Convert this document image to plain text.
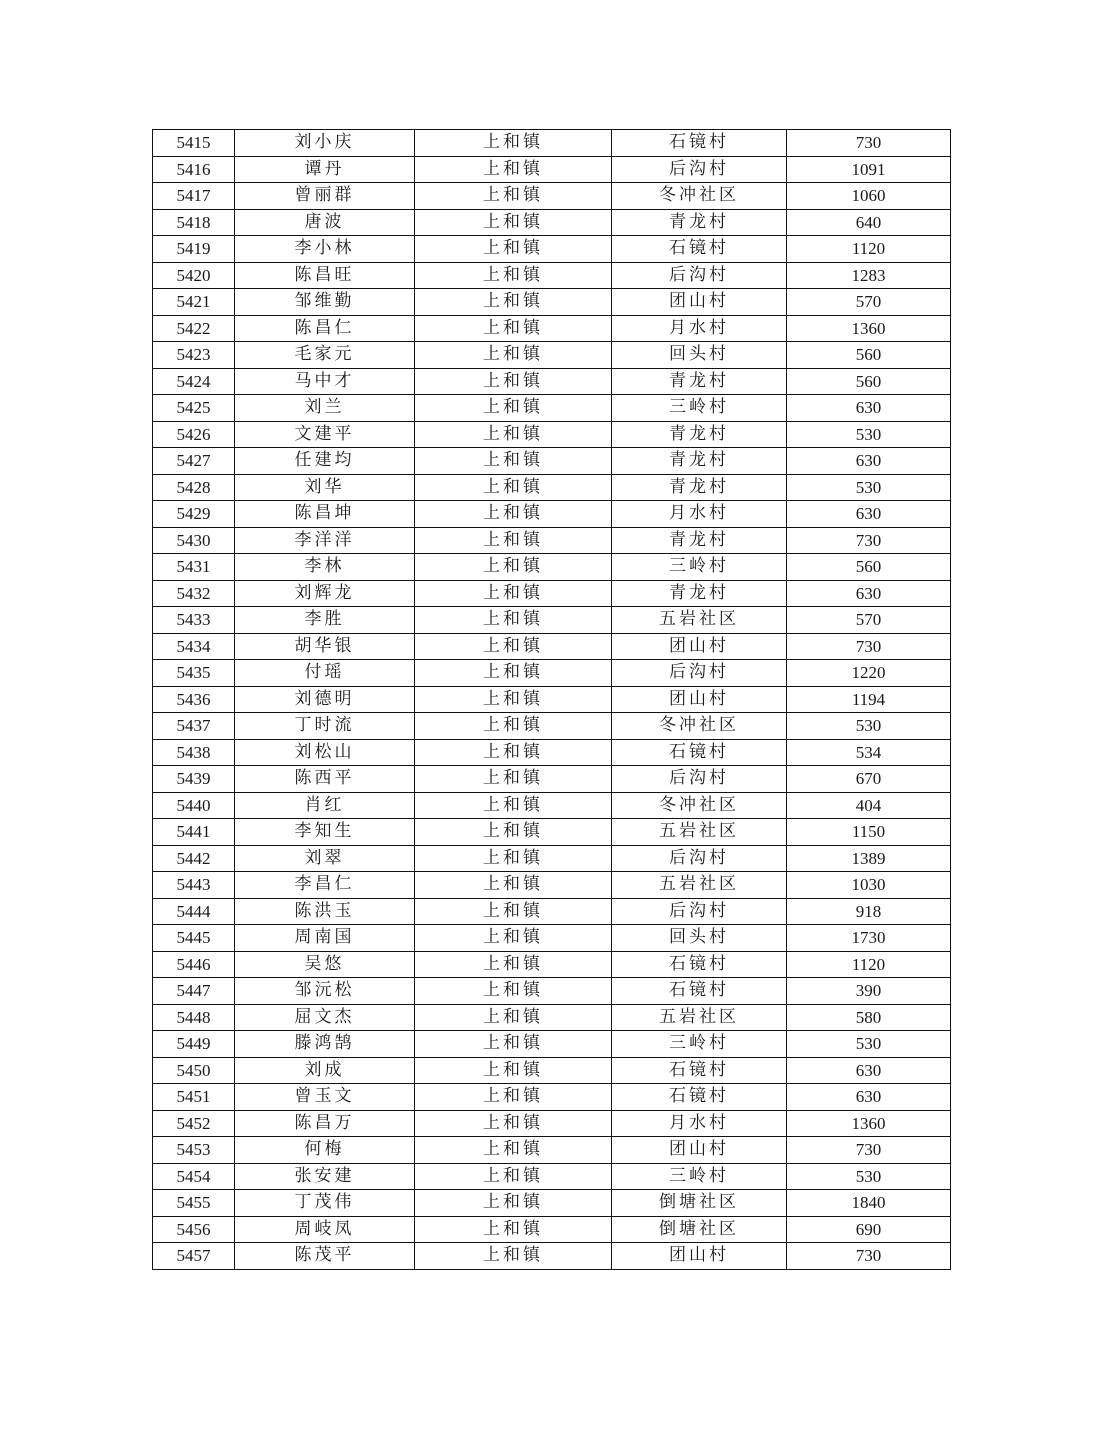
5415	刘小庆	上和镇	石镜村	730
5416	谭丹	上和镇	后沟村	1091
5417	曾丽群	上和镇	冬冲社区	1060
5418	唐波	上和镇	青龙村	640
5419	李小林	上和镇	石镜村	1120
5420	陈昌旺	上和镇	后沟村	1283
5421	邹维勤	上和镇	团山村	570
5422	陈昌仁	上和镇	月水村	1360
5423	毛家元	上和镇	回头村	560
5424	马中才	上和镇	青龙村	560
5425	刘兰	上和镇	三岭村	630
5426	文建平	上和镇	青龙村	530
5427	任建均	上和镇	青龙村	630
5428	刘华	上和镇	青龙村	530
5429	陈昌坤	上和镇	月水村	630
5430	李洋洋	上和镇	青龙村	730
5431	李林	上和镇	三岭村	560
5432	刘辉龙	上和镇	青龙村	630
5433	李胜	上和镇	五岩社区	570
5434	胡华银	上和镇	团山村	730
5435	付瑶	上和镇	后沟村	1220
5436	刘德明	上和镇	团山村	1194
5437	丁时流	上和镇	冬冲社区	530
5438	刘松山	上和镇	石镜村	534
5439	陈西平	上和镇	后沟村	670
5440	肖红	上和镇	冬冲社区	404
5441	李知生	上和镇	五岩社区	1150
5442	刘翠	上和镇	后沟村	1389
5443	李昌仁	上和镇	五岩社区	1030
5444	陈洪玉	上和镇	后沟村	918
5445	周南国	上和镇	回头村	1730
5446	吴悠	上和镇	石镜村	1120
5447	邹沅松	上和镇	石镜村	390
5448	屈文杰	上和镇	五岩社区	580
5449	滕鸿鹄	上和镇	三岭村	530
5450	刘成	上和镇	石镜村	630
5451	曾玉文	上和镇	石镜村	630
5452	陈昌万	上和镇	月水村	1360
5453	何梅	上和镇	团山村	730
5454	张安建	上和镇	三岭村	530
5455	丁茂伟	上和镇	倒塘社区	1840
5456	周岐凤	上和镇	倒塘社区	690
5457	陈茂平	上和镇	团山村	730
